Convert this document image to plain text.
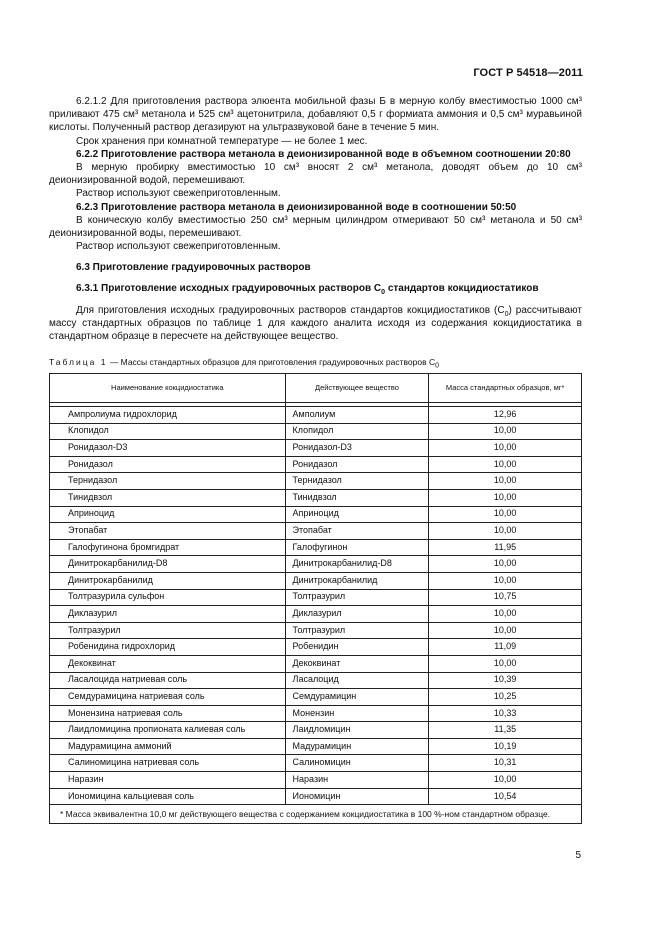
ГОСТ Р 54518—2011

6.2.1.2 Для приготовления раствора элюента мобильной фазы Б в мерную колбу вместимостью 1000 см³ приливают 475 см³ метанола и 525 см³ ацетонитрила, добавляют 0,5 г формиата аммония и 0,5 см³ муравьиной кислоты. Полученный раствор дегазируют на ультразвуковой бане в течение 5 мин.

Срок хранения при комнатной температуре — не более 1 мес.

6.2.2 Приготовление раствора метанола в деионизированной воде в объемном соотношении 20:80

В мерную пробирку вместимостью 10 см³ вносят 2 см³ метанола, доводят объем до 10 см³ деионизированной водой, перемешивают.

Раствор используют свежеприготовленным.

6.2.3 Приготовление раствора метанола в деионизированной воде в соотношении 50:50

В коническую колбу вместимостью 250 см³ мерным цилиндром отмеривают 50 см³ метанола и 50 см³ деионизированной воды, перемешивают.

Раствор используют свежеприготовленным.

6.3 Приготовление градуировочных растворов

6.3.1 Приготовление исходных градуировочных растворов $C_0$ стандартов кокцидиостатиков

Для приготовления исходных градуировочных растворов стандартов кокцидиостатиков $(C_0)$ рассчитывают массу стандартных образцов по таблице 1 для каждого аналита исходя из содержания кокцидиостатика в стандартном образце в пересчете на действующее вещество.

Таблица 1 — Массы стандартных образцов для приготовления градуировочных растворов $C_0$
Наименование кокцидиостатика	Действующее вещество	Масса стандартных образцов, мг*

Ампролиума гидрохлорид	Амполиум	12,96
Клопидол	Клопидол	10,00
Ронидазол-D3	Ронидазол-D3	10,00
Ронидазол	Ронидазол	10,00
Тернидазол	Тернидазол	10,00
Тинидвзол	Тинидвзол	10,00
Априноцид	Априноцид	10,00
Этопабат	Этопабат	10,00
Галофугинона бромгидрат	Галофугинон	11,95
Динитрокарбанилид-D8	Динитрокарбанилид-D8	10,00
Динитрокарбанилид	Динитрокарбанилид	10,00
Толтразурила сульфон	Толтразурил	10,75
Диклазурил	Диклазурил	10,00
Толтразурил	Толтразурил	10,00
Робенидина гидрохлорид	Робенидин	11,09
Декоквинат	Декоквинат	10,00
Ласалоцида натриевая соль	Ласалоцид	10,39
Семдурамицина натриевая соль	Семдурамицин	10,25
Монензина натриевая соль	Монензин	10,33
Лаидломицина пропионата калиевая соль	Лаидломицин	11,35
Мадурамицина аммоний	Мадурамицин	10,19
Салиномицина натриевая соль	Салиномицин	10,31
Наразин	Наразин	10,00
Иономицина кальциевая соль	Иономицин	10,54
* Масса эквивалентна 10,0 мг действующего вещества с содержанием кокцидиостатика в 100 %-ном стандартном образце.		
5
